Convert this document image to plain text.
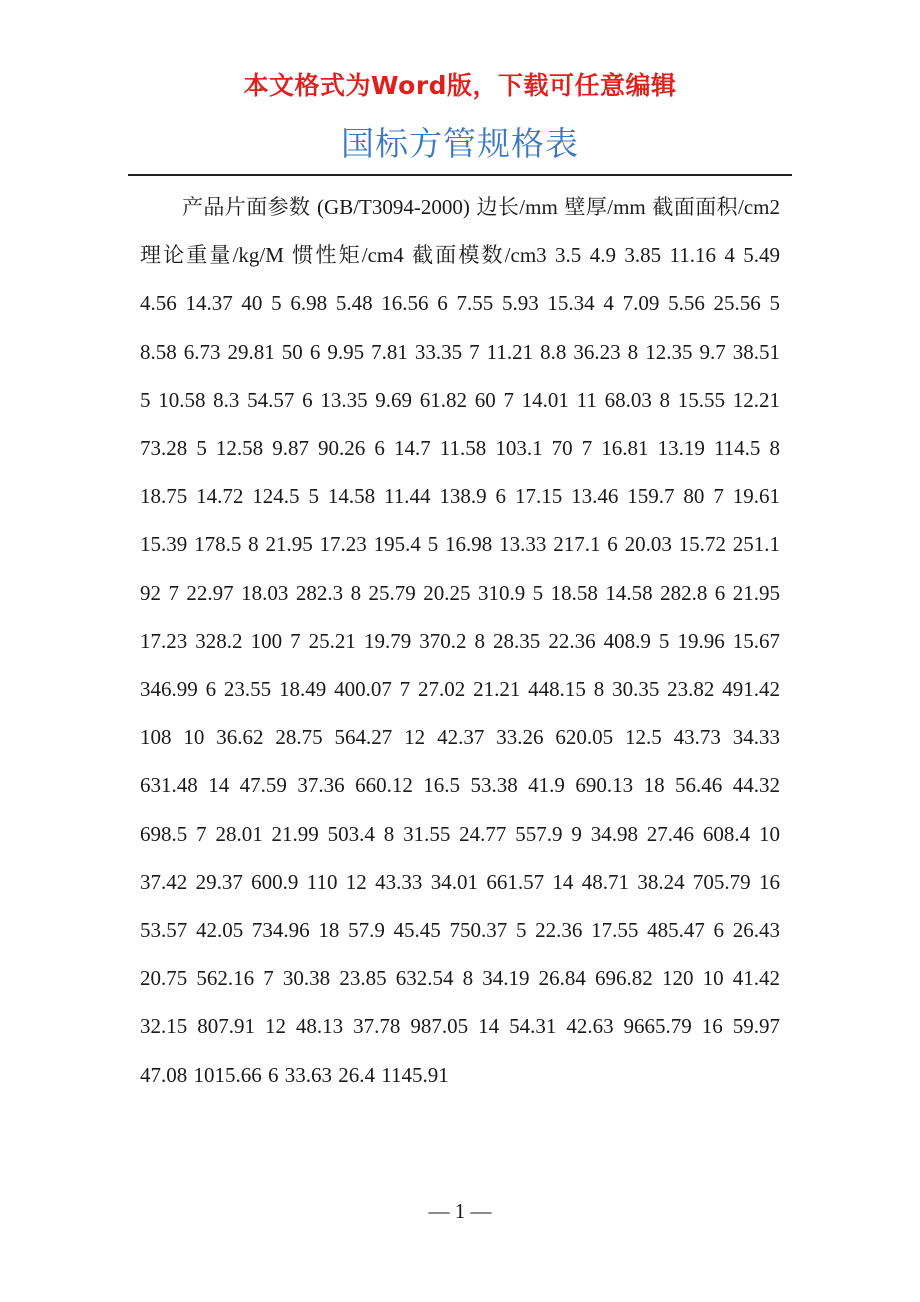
本文格式为Word版，下载可任意编辑
国标方管规格表

产品片面参数 (GB/T3094-2000) 边长/mm 壁厚/mm 截面面积/cm2 理论重量/kg/M 惯性矩/cm4 截面模数/cm3 3.5 4.9 3.85 11.16 4 5.49 4.56 14.37 40 5 6.98 5.48 16.56 6 7.55 5.93 15.34 4 7.09 5.56 25.56 5 8.58 6.73 29.81 50 6 9.95 7.81 33.35 7 11.21 8.8 36.23 8 12.35 9.7 38.51 5 10.58 8.3 54.57 6 13.35 9.69 61.82 60 7 14.01 11 68.03 8 15.55 12.21 73.28 5 12.58 9.87 90.26 6 14.7 11.58 103.1 70 7 16.81 13.19 114.5 8 18.75 14.72 124.5 5 14.58 11.44 138.9 6 17.15 13.46 159.7 80 7 19.61 15.39 178.5 8 21.95 17.23 195.4 5 16.98 13.33 217.1 6 20.03 15.72 251.1 92 7 22.97 18.03 282.3 8 25.79 20.25 310.9 5 18.58 14.58 282.8 6 21.95 17.23 328.2 100 7 25.21 19.79 370.2 8 28.35 22.36 408.9 5 19.96 15.67 346.99 6 23.55 18.49 400.07 7 27.02 21.21 448.15 8 30.35 23.82 491.42 108 10 36.62 28.75 564.27 12 42.37 33.26 620.05 12.5 43.73 34.33 631.48 14 47.59 37.36 660.12 16.5 53.38 41.9 690.13 18 56.46 44.32 698.5 7 28.01 21.99 503.4 8 31.55 24.77 557.9 9 34.98 27.46 608.4 10 37.42 29.37 600.9 110 12 43.33 34.01 661.57 14 48.71 38.24 705.79 16 53.57 42.05 734.96 18 57.9 45.45 750.37 5 22.36 17.55 485.47 6 26.43 20.75 562.16 7 30.38 23.85 632.54 8 34.19 26.84 696.82 120 10 41.42 32.15 807.91 12 48.13 37.78 987.05 14 54.31 42.63 9665.79 16 59.97 47.08 1015.66 6 33.63 26.4 1145.91

— 1 —
